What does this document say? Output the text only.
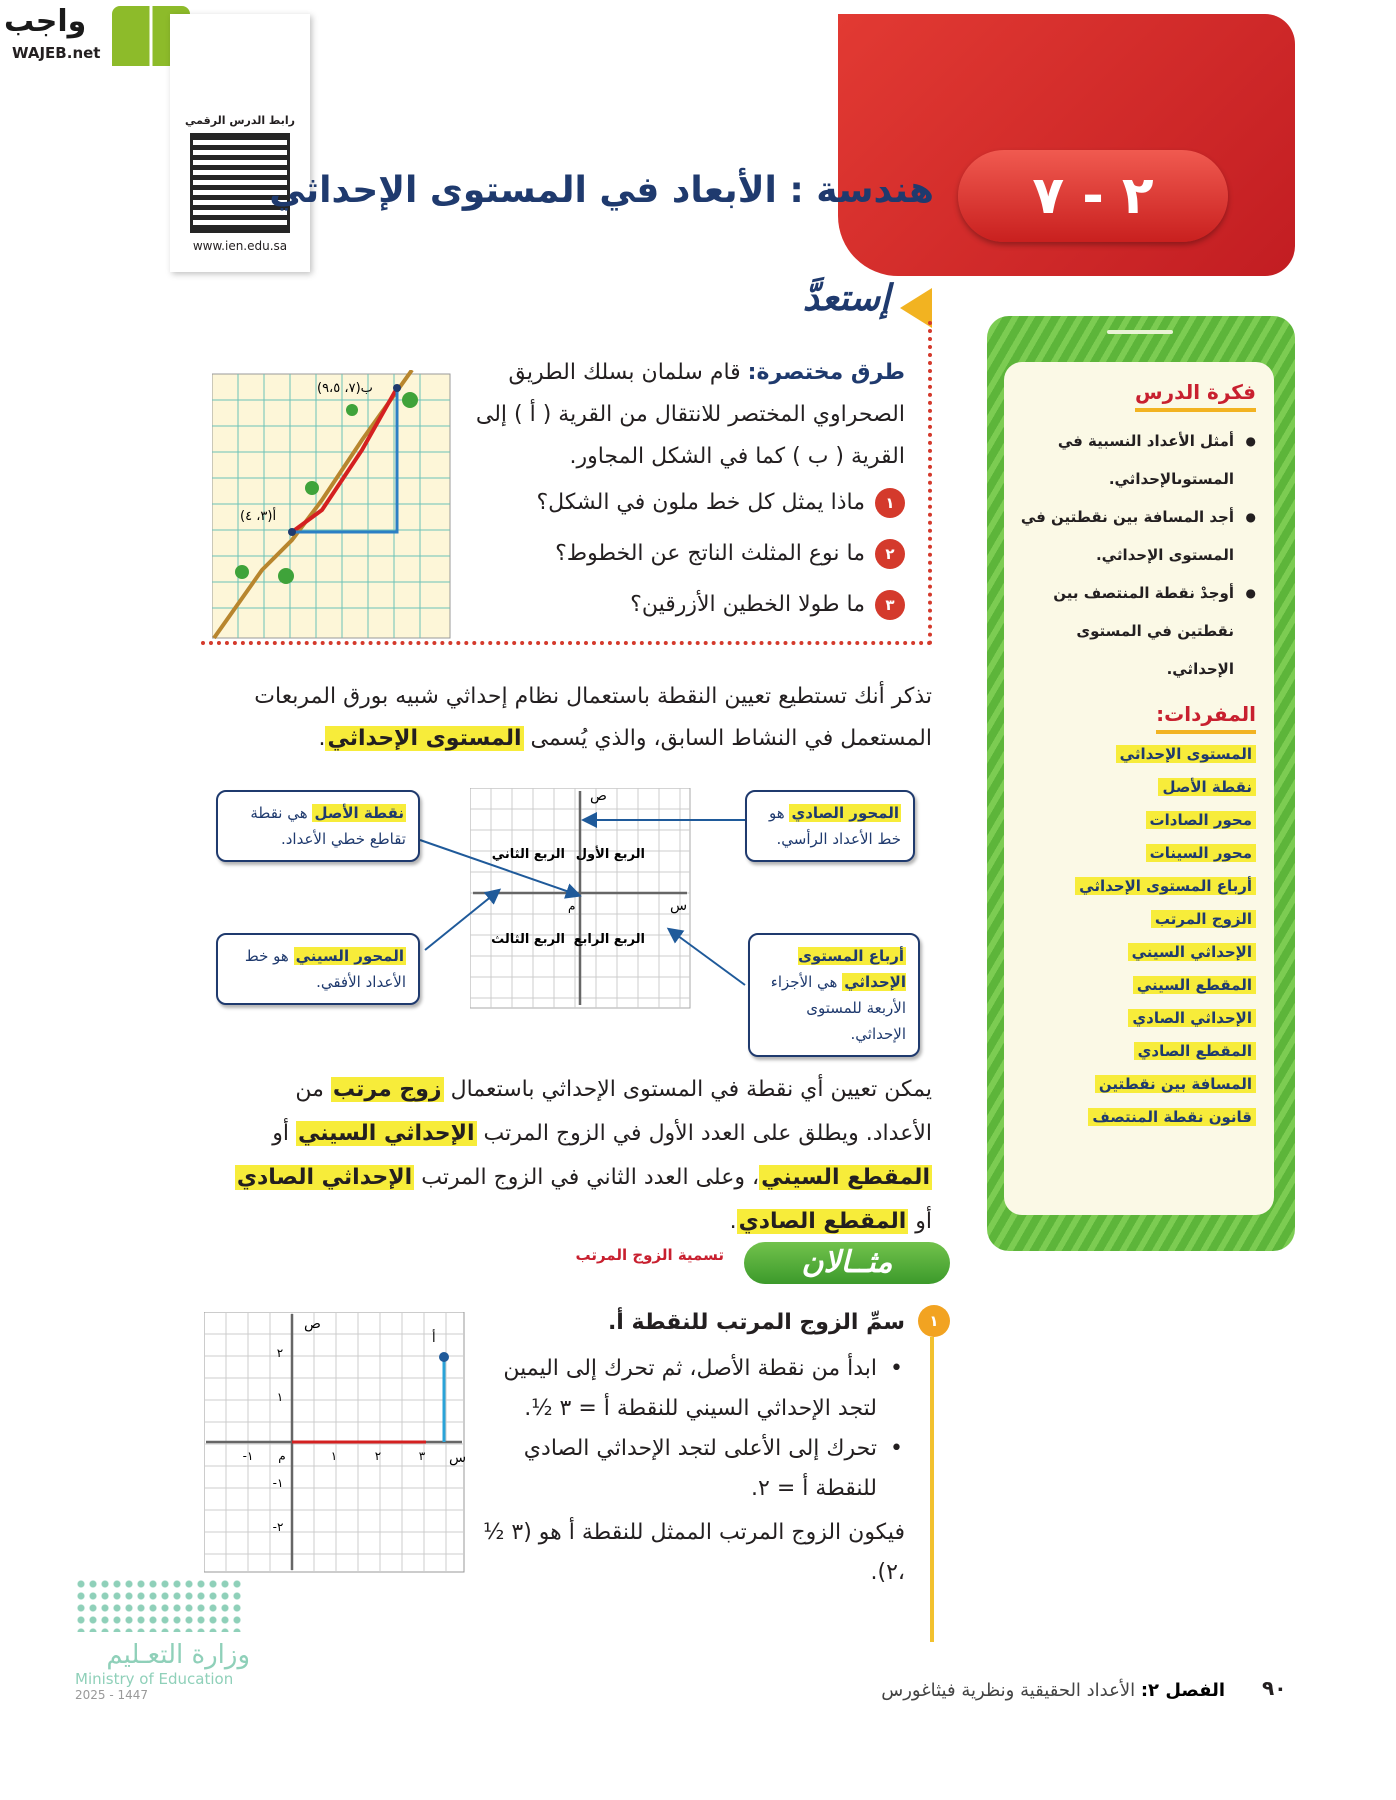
واجب
WAJEB.net
رابط الدرس الرقمي
www.ien.edu.sa
٢ - ٧
هندسة : الأبعاد في المستوى الإحداثي
فكرة الدرس
● أمثل الأعداد النسبية في المستوىالإحداثي.
● أجد المسافة بين نقطتين في المستوى الإحداثي.
● أوجدْ نقطة المنتصف بين نقطتين في المستوى الإحداثي.
المفردات:
المستوى الإحداثي
نقطة الأصل
محور الصادات
محور السينات
أرباع المستوى الإحداثي
الزوج المرتب
الإحداثي السيني
المقطع السيني
الإحداثي الصادي
المقطع الصادي
المسافة بين نقطتين
قانون نقطة المنتصف
إستعدَّ
طرق مختصرة: قام سلمان بسلك الطريق الصحراوي المختصر للانتقال من القرية ( أ ) إلى القرية ( ب ) كما في الشكل المجاور.
١
ماذا يمثل كل خط ملون في الشكل؟
٢
ما نوع المثلث الناتج عن الخطوط؟
٣
ما طولا الخطين الأزرقين؟
أ(٣، ٤)
ب(٧، ٩،٥)
تذكر أنك تستطيع تعيين النقطة باستعمال نظام إحداثي شبيه بورق المربعات المستعمل في النشاط السابق، والذي يُسمى المستوى الإحداثي.
ص
س
م
الربع الأول
الربع الثاني
الربع الثالث الربع الرابع
نقطة الأصل هي نقطة تقاطع خطي الأعداد.
المحور الصادي هو خط الأعداد الرأسي.
المحور السيني هو خط الأعداد الأفقي.
أرباع المستوى الإحداثي هي الأجزاء الأربعة للمستوى الإحداثي.
يمكن تعيين أي نقطة في المستوى الإحداثي باستعمال زوج مرتب من الأعداد. ويطلق على العدد الأول في الزوج المرتب الإحداثي السيني أو المقطع السيني، وعلى العدد الثاني في الزوج المرتب الإحداثي الصادي أو المقطع الصادي.
مثــالان
تسمية الزوج المرتب
١
سمِّ الزوج المرتب للنقطة أ.
•
ابدأ من نقطة الأصل، ثم تحرك إلى اليمين لتجد الإحداثي السيني للنقطة أ = ٣ ½.
•
تحرك إلى الأعلى لتجد الإحداثي الصادي للنقطة أ = ٢.
فيكون الزوج المرتب الممثل للنقطة أ هو (٣ ½ ،٢).
أ
ص
س
-١ م	١	٢	٣
٢
١
-١
-٢
وزارة التعـليم
Ministry of Education
2025 - 1447	٩٠
الفصل ٢: الأعداد الحقيقية ونظرية فيثاغورس
